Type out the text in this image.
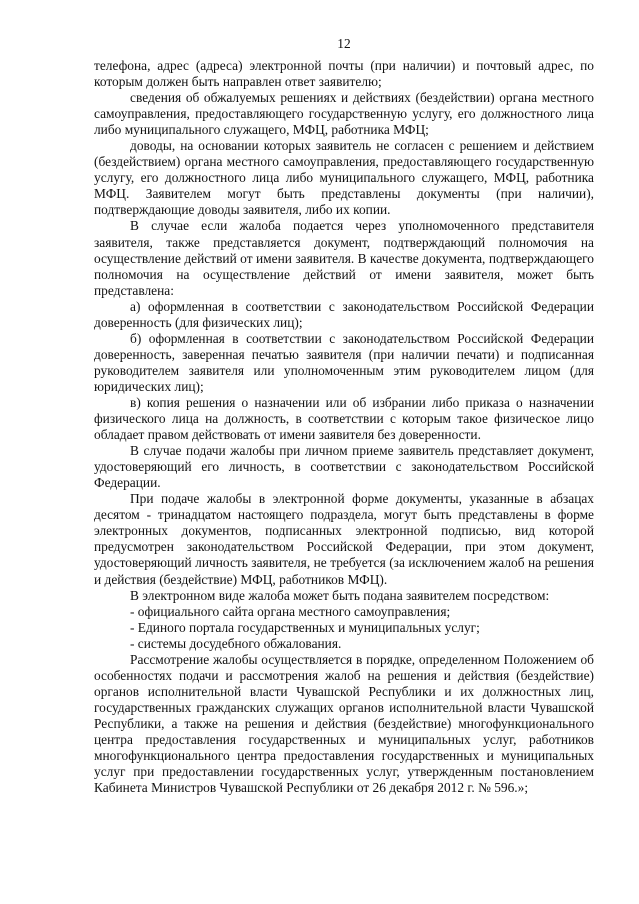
12

телефона, адрес (адреса) электронной почты (при наличии) и почтовый адрес, по которым должен быть направлен ответ заявителю;

сведения об обжалуемых решениях и действиях (бездействии) органа местного самоуправления, предоставляющего государственную услугу, его должностного лица либо муниципального служащего, МФЦ, работника МФЦ;

доводы, на основании которых заявитель не согласен с решением и действием (бездействием) органа местного самоуправления, предоставляющего государственную услугу, его должностного лица либо муниципального служащего, МФЦ, работника МФЦ. Заявителем могут быть представлены документы (при наличии), подтверждающие доводы заявителя, либо их копии.

В случае если жалоба подается через уполномоченного представителя заявителя, также представляется документ, подтверждающий полномочия на осуществление действий от имени заявителя. В качестве документа, подтверждающего полномочия на осуществление действий от имени заявителя, может быть представлена:

а) оформленная в соответствии с законодательством Российской Федерации доверенность (для физических лиц);

б) оформленная в соответствии с законодательством Российской Федерации доверенность, заверенная печатью заявителя (при наличии печати) и подписанная руководителем заявителя или уполномоченным этим руководителем лицом (для юридических лиц);

в) копия решения о назначении или об избрании либо приказа о назначении физического лица на должность, в соответствии с которым такое физическое лицо обладает правом действовать от имени заявителя без доверенности.

В случае подачи жалобы при личном приеме заявитель представляет документ, удостоверяющий его личность, в соответствии с законодательством Российской Федерации.

При подаче жалобы в электронной форме документы, указанные в абзацах десятом - тринадцатом настоящего подраздела, могут быть представлены в форме электронных документов, подписанных электронной подписью, вид которой предусмотрен законодательством Российской Федерации, при этом документ, удостоверяющий личность заявителя, не требуется (за исключением жалоб на решения и действия (бездействие) МФЦ, работников МФЦ).

В электронном виде жалоба может быть подана заявителем посредством:

- официального сайта органа местного самоуправления;

- Единого портала государственных и муниципальных услуг;

- системы досудебного обжалования.

Рассмотрение жалобы осуществляется в порядке, определенном Положением об особенностях подачи и рассмотрения жалоб на решения и действия (бездействие) органов исполнительной власти Чувашской Республики и их должностных лиц, государственных гражданских служащих органов исполнительной власти Чувашской Республики, а также на решения и действия (бездействие) многофункционального центра предоставления государственных и муниципальных услуг, работников многофункционального центра предоставления государственных и муниципальных услуг при предоставлении государственных услуг, утвержденным постановлением Кабинета Министров Чувашской Республики от 26 декабря 2012 г. № 596.»;
